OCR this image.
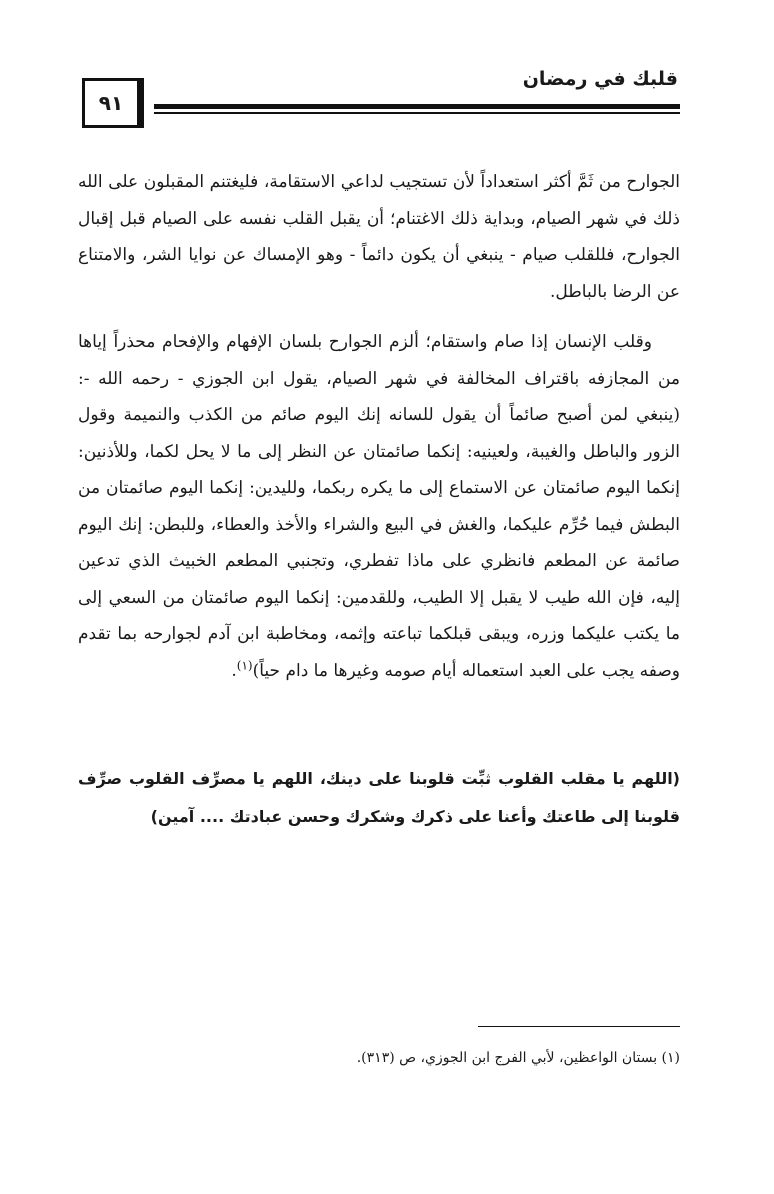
٩١
قلبك في رمضان

الجوارح من ثَمَّ أكثر استعداداً لأن تستجيب لداعي الاستقامة، فليغتنم المقبلون على الله ذلك في شهر الصيام، وبداية ذلك الاغتنام؛ أن يقبل القلب نفسه على الصيام قبل إقبال الجوارح، فللقلب صيام - ينبغي أن يكون دائماً - وهو الإمساك عن نوايا الشر، والامتناع عن الرضا بالباطل.

وقلب الإنسان إذا صام واستقام؛ ألزم الجوارح بلسان الإفهام والإفحام محذراً إياها من المجازفه باقتراف المخالفة في شهر الصيام، يقول ابن الجوزي - رحمه الله -: (ينبغي لمن أصبح صائماً أن يقول للسانه إنك اليوم صائم من الكذب والنميمة وقول الزور والباطل والغيبة، ولعينيه: إنكما صائمتان عن النظر إلى ما لا يحل لكما، وللأذنين: إنكما اليوم صائمتان عن الاستماع إلى ما يكره ربكما، ولليدين: إنكما اليوم صائمتان من البطش فيما حُرِّم عليكما، والغش في البيع والشراء والأخذ والعطاء، وللبطن: إنك اليوم صائمة عن المطعم فانظري على ماذا تفطري، وتجنبي المطعم الخبيث الذي تدعين إليه، فإن الله طيب لا يقبل إلا الطيب، وللقدمين: إنكما اليوم صائمتان من السعي إلى ما يكتب عليكما وزره، ويبقى قبلكما تباعته وإثمه، ومخاطبة ابن آدم لجوارحه بما تقدم وصفه يجب على العبد استعماله أيام صومه وغيرها ما دام حياً)$^{(١)}$.

(اللهم يا مقلب القلوب ثبِّت قلوبنا على دينك، اللهم يا مصرِّف القلوب صرِّف قلوبنا إلى طاعتك وأعنا على ذكرك وشكرك وحسن عبادتك .... آمين)
(١) بستان الواعظين، لأبي الفرج ابن الجوزي، ص (٣١٣).
